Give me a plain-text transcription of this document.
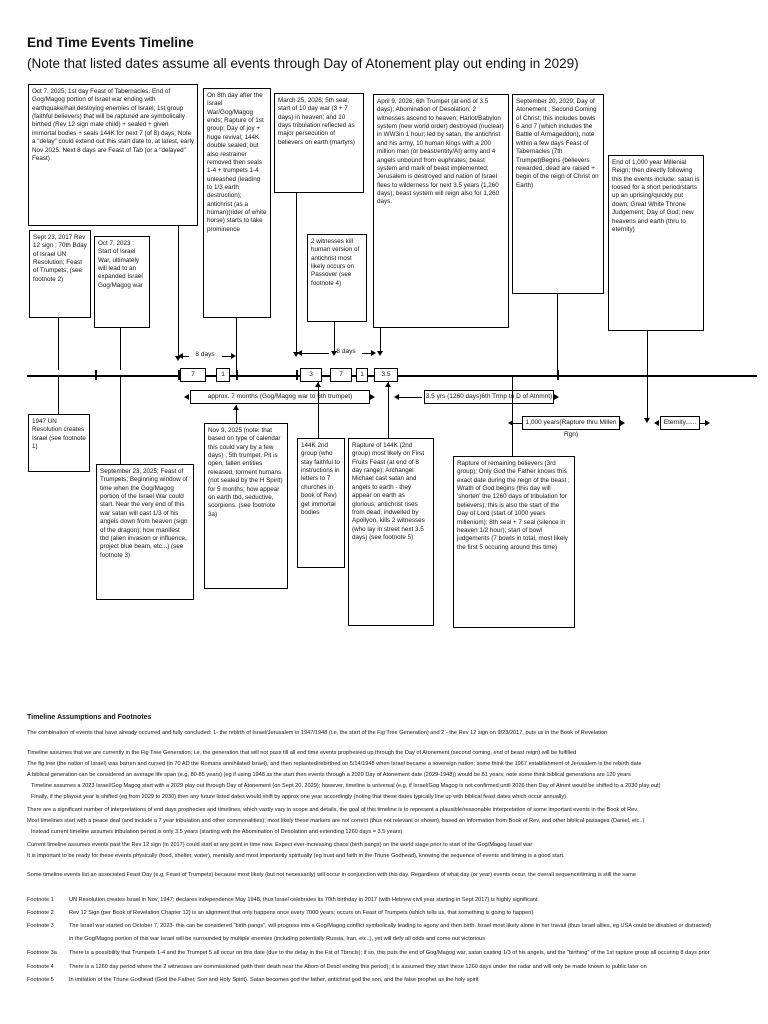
End Time Events Timeline
(Note that listed dates assume all events through Day of Atonement play out ending in 2029)
Oct 7, 2025; 1st day Feast of Tabernacles. End of Gog/Magog portion of Israel war ending with earthquake/hail destoying enemies of Israel; 1st group (faithful believers) that will be raptured are symbolically birthed (Rev 12 sign male child) + sealed + given immortal bodies + seals 144K for next 7 (of 8) days; Note a "delay" could extend out this start date to, at latest, early Nov 2025. Next 8 days are Feast of Tab (or a "delayed" Feast)
Sept 23, 2017 Rev 12 sign ; 70th Bday of Israel UN Resolution; Feast of Trumpets; (see footnote 2)
Oct 7, 2023 : Start of Israel War, ultimately will lead to an expanded Israel Gog/Magog war
On 8th day after the Israel War/Gog/Magog ends; Rapture of 1st group; Day of joy + huge revival; 144K double sealed; but also restrainer removed then seals 1-4 + trumpets 1-4 unleashed (leading to 1/3 earth destruction); antichrist (as a human)(rider of white horse) starts to take prominence
March 25, 2026; 5th seal; start of 10 day war (3 + 7 days) in heaven; and 10 days tribulation reflected as major persecution of believers on earth (martyrs)
2 witnesses kill human version of antichrist most likely occurs on Passover (see footnote 4)
April 9, 2026; 6th Trumpet (at end of 3.5 days); Abomination of Desolation; 2 witnesses ascend to heaven; Harlot/Babylon system (new world order) destroyed (nuclear) in WW3in 1 hour; led by satan, the antichrist and his army, 10 human kings with a 200 million man (or beast/entity/AI) army and 4 angels unbound from euphrates; beast system and mark of beast implemented; Jerusalem is destroyed and nation of Israel flees to wilderness for next 3.5 years (1,260 days); beast system will reign also for 1,260 days.
September 20, 2029; Day of Atonement ; Second Coming of Christ; this includes bowls 6 and 7 (which includes the Battle of Armageddon), note within a few days Feast of Tabernacles (7th Trumpet)Begins (believers rewarded, dead are raised + begin of the reign of Christ on Earth)
End of 1,000 year Millenial Reign; then directly following this the events include: satan is loosed for a short period/starts up an uprising/quickly put down; Great White Throne Judgement; Day of God; new heavens and earth (thru to eternity)
8 days	8 days
7	1	3	7	1	3.5
approx. 7 months (Gog/Magog war to 6th trumpet)	3.5 yrs (1260 days)6th Trmp to D of Atnmnt)
1,000 years(Rapture thru Millen Rgn)
Eternity......
1947 UN Resolution creates Israel (see footnote 1)
September 23, 2025; Feast of Trumpets; Beginning window of time when the Gog/Magog portion of the Israel War could start. Near the very end of this war satan will cast 1/3 of his angels down from heaven (sign of the dragon); how manifest tbd (alien invasion or influence, project blue beam, etc...) (see footnote 3)
Nov 9, 2025 (note: that based on type of calendar this could vary by a few days) ; 5th trumpet. Pit is open, fallen entities released, torment humans (not sealed by the H Spirit) for 5 months; how appear on earth tbd, seductive, scorpions. (see footnote 3a)
144K 2nd group (who stay faithful to instructions in letters to 7 churches in book of Rev) get immortal bodies
Rapture of 144K (2nd group) most likely on First Fruits Feast (at end of 8 day range); Archangel Michael cast satan and angels to earth - they appear on earth as glorious; antichrist rises from dead, indwelled by Apollyon, kills 2 witnesses (who lay in street next 3.5 days) (see footnote 5)
Rapture of remaining believers (3rd group); Only God the Father knows this exact date during the reign of the beast ; Wrath of God begins (this day will 'shorten' the 1260 days of tribulation for believers); this is also the start of the Day of Lord (start of 1000 years millenium); 8th seal + 7 seal (silence in heaven 1/2 hour); start of bowl judgements (7 bowls in total, most likely the first 5 occuring around this time)
Timeline Assumptions and Footnotes
The combination of events that have already occurred and fully concluded: 1- the rebirth of Israel/Jerusalem in 1947/1948 (i.e, the start of the Fig Tree Generation) and 2 - the Rev 12 sign on 9/23/2017, puts us in the Book of Revelation
Timeline assumes that we are currently in the Fig Tree Generation; i.e, the generation that will not pass till all end time events prophesied up through the Day of Atonement (second coming, end of beast reign) will be fulfilled
The fig tree (the nation of Israel) was barren and cursed (in 70 AD the Romans annihilated Israel), and then replanted/rebirthed on 5/14/1948 when Israel became a sovereign nation; some think the 1967 establishment of Jerusalem is the rebirth date
A biblical generation can be considered an average life span (e.g, 80-85 years) (eg if using 1948 as the start then events through a 2029 Day of Atonement date (2029-1948)) would be 81 years; note some think biblical generations are 120 years
Timeline assumes a 2023 Israel/Gog Magog start with a 2029 play out through Day of Atonement (on Sept 20, 2029); however, timeline is universal (e.g, if Israel/Gog Magog is not confirmed until 2026 then Day of Atnmt would be shifted to a 2030 play out)
Finally, if the playout year is shifted (eg from 2029 to 2030) then any future listed dates would shift by approx one year accordingly (noting that these dates typically line up with biblical feast dates which occur annually)
There are a significant number of interpretations of end days prophecies and timelines, which vastly vary in scope and details, the goal of this timeline is to represent a plausible/reasonable interpretation of some important events in the Book of Rev.
Most timelines start with a peace deal (and include a 7 year tribulation and other commonalities); most likely these markers are not correct (thus not relevant or shown), based on information from Book of Rev, and other biblical passages (Daniel, etc..)
Instead current timeline assumes tribulation period is only 3.5 years (starting with the Abomination of Desolation and extending 1260 days = 3.5 years)
Current timeline assumes events past the Rev 12 sign (in 2017) could start at any point in time now. Expect ever-increasing chaos (birth pangs) on the world stage prior to start of the Gog/Magog Israel war
It is important to be ready for these events physically (food, shelter, water), mentally and most importantly spiritually (eg trust and faith in the Triune Godhead), knowing the sequence of events and timing is a good start.
Some timeline events list an associated Feast Day (e.g, Feast of Trumpets) because most likely (but not necessarily) will occur in conjunction with this day. Regardless of what day (or year) events occur, the overall sequence/timing is still the same
Footnote 1	UN Resolution creates Israel in Nov, 1947; declares independence May 1948, thus Israel celebrates its 70th birthday in 2017 (with Hebrew civil year starting in Sept 2017) is highly significant
Footnote 2	Rev 12 Sign (per Book of Revelation Chapter 12) is an alignment that only happens once every 7000 years; occurs on Feast of Trumpets (which tells us, that something is going to happen)
Footnote 3	The Israel war started on October 7, 2023- this can be considered "birth pangs", will progress into a Gog/Magog conflict symbolically leading to agony and then birth. Israel most likely alone in her travail (thus Israel allies, eg USA could be disabled or distracted)
in the Gog/Magog portion of this war Israel will be surrounded by multiple enemies (including potentially Russia, Iran, etc..), yet will defy all odds and come out victorious
Footnote 3a There is a possibility that Trumpets 1-4 and the Trumpet 5 all occur on this date (due to the delay in the Fst of Tbrncls); if so, this puts the end of Gog/Magog war, satan casting 1/3 of his angels, and the "birthing" of the 1st rapture group all occuring 8 days prior
Footnote 4	There is a 1260 day period where the 2 witnesses are commissioned (with their death near the Abom of Desol ending this period); it is assumed they start these 1260 days under the radar and will only be made known to public later on
Footnote 5	In imitation of the Triune Godhead (God the Father, Son and Holy Spirit). Satan becomes god the father, antichrist god the son, and the false prophet as the holy spirit
